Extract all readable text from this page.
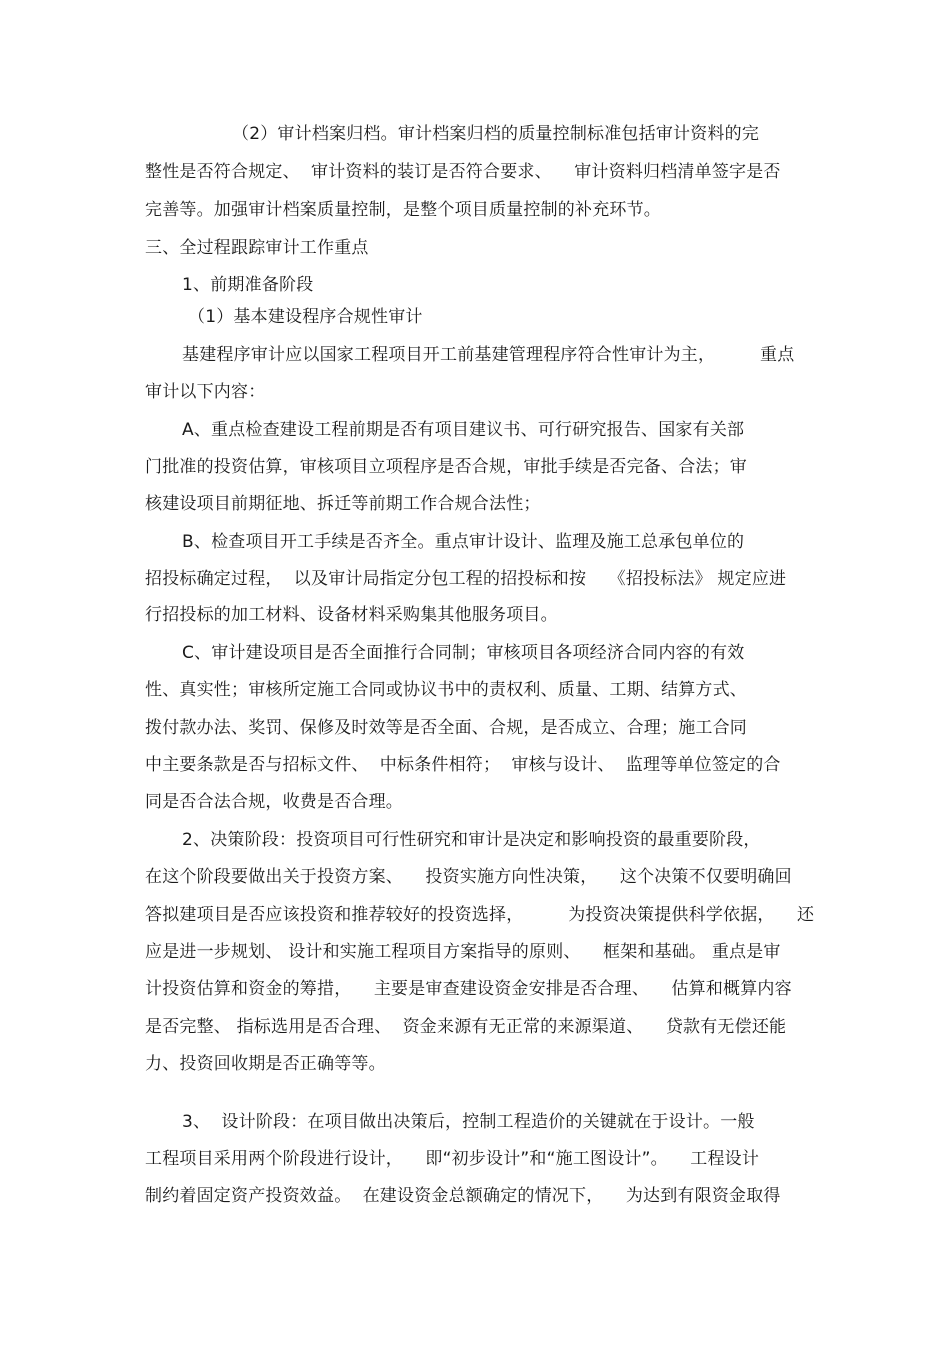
（2）审计档案归档。审计档案归档的质量控制标准包括审计资料的完

整性是否符合规定、  审计资料的装订是否符合要求、    审计资料归档清单签字是否

完善等。加强审计档案质量控制，是整个项目质量控制的补充环节。

三、全过程跟踪审计工作重点

1、前期准备阶段

（1）基本建设程序合规性审计

基建程序审计应以国家工程项目开工前基建管理程序符合性审计为主，        重点

审计以下内容：

A、重点检查建设工程前期是否有项目建议书、可行研究报告、国家有关部

门批准的投资估算，审核项目立项程序是否合规，审批手续是否完备、合法；审

核建设项目前期征地、拆迁等前期工作合规合法性；

B、检查项目开工手续是否齐全。重点审计设计、监理及施工总承包单位的

招投标确定过程，  以及审计局指定分包工程的招投标和按    《招投标法》 规定应进

行招投标的加工材料、设备材料采购集其他服务项目。

C、审计建设项目是否全面推行合同制；审核项目各项经济合同内容的有效

性、真实性；审核所定施工合同或协议书中的责权利、质量、工期、结算方式、

拨付款办法、奖罚、保修及时效等是否全面、合规，是否成立、合理；施工合同

中主要条款是否与招标文件、  中标条件相符；  审核与设计、  监理等单位签定的合

同是否合法合规，收费是否合理。

2、决策阶段：投资项目可行性研究和审计是决定和影响投资的最重要阶段，

在这个阶段要做出关于投资方案、    投资实施方向性决策，    这个决策不仅要明确回

答拟建项目是否应该投资和推荐较好的投资选择，        为投资决策提供科学依据，    还

应是进一步规划、 设计和实施工程项目方案指导的原则、    框架和基础。 重点是审

计投资估算和资金的筹措，    主要是审查建设资金安排是否合理、    估算和概算内容

是否完整、 指标选用是否合理、  资金来源有无正常的来源渠道、    贷款有无偿还能

力、投资回收期是否正确等等。

3、  设计阶段：在项目做出决策后，控制工程造价的关键就在于设计。一般

工程项目采用两个阶段进行设计，    即“初步设计”和“施工图设计”。    工程设计

制约着固定资产投资效益。  在建设资金总额确定的情况下，    为达到有限资金取得
